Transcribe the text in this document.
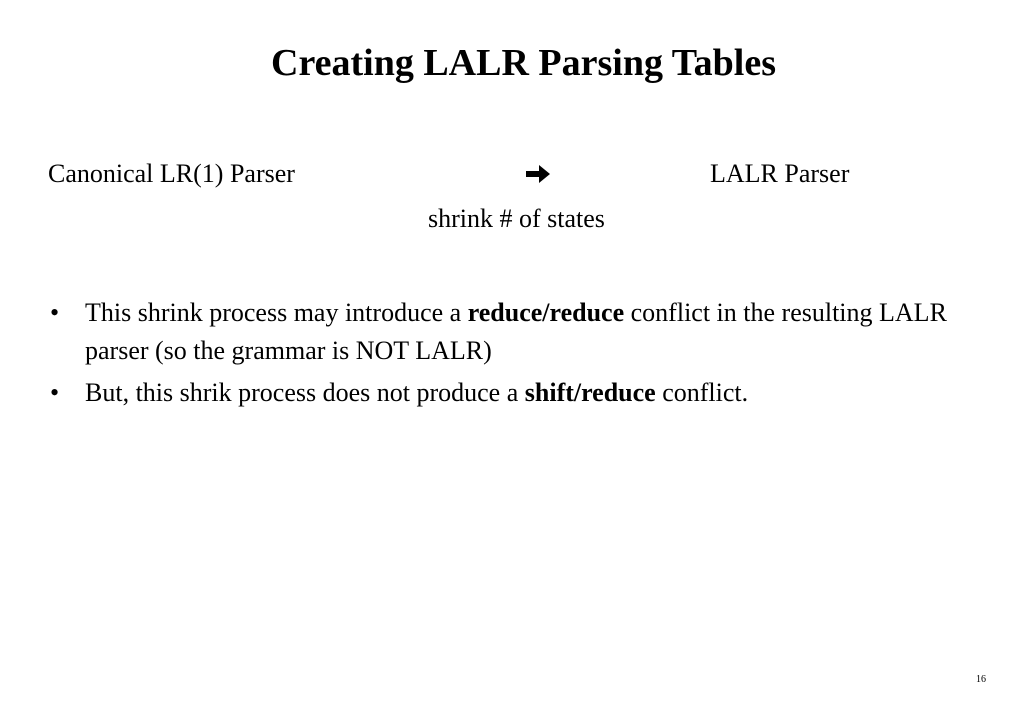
Creating LALR Parsing Tables
Canonical LR(1) Parser	LALR Parser
shrink # of states
• This shrink process may introduce a reduce/reduce conflict in the resulting LALR parser (so the grammar is NOT LALR)
• But, this shrik process does not produce a shift/reduce conflict.
16
